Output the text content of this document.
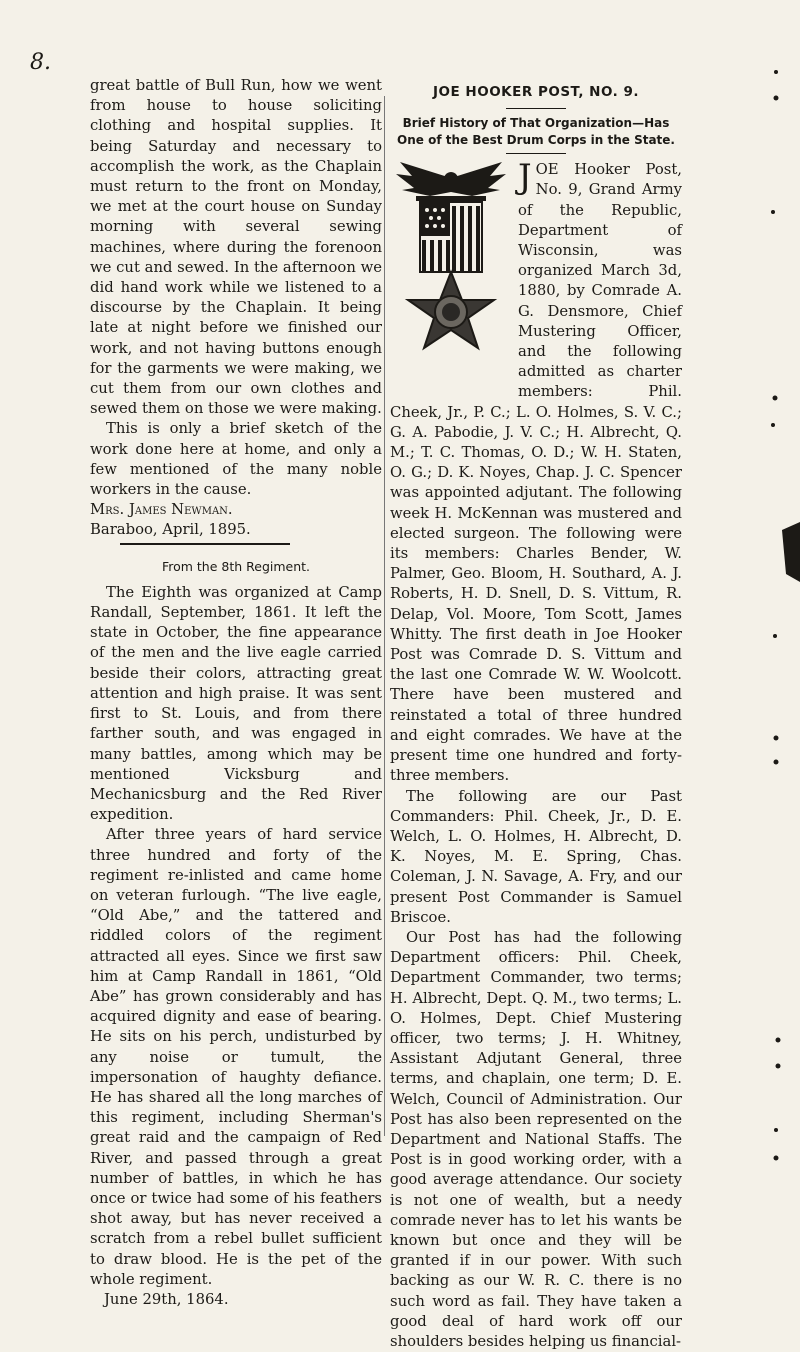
8.

great battle of Bull Run, how we went from house to house soliciting clothing and hospital supplies. It being Saturday and necessary to accomplish the work, as the Chaplain must return to the front on Monday, we met at the court house on Sunday morning with several sewing machines, where during the forenoon we cut and sewed. In the afternoon we did hand work while we listened to a discourse by the Chaplain. It being late at night before we finished our work, and not having buttons enough for the garments we were making, we cut them from our own clothes and sewed them on those we were making.

This is only a brief sketch of the work done here at home, and only a few mentioned of the many noble workers in the cause.

Mrs. James Newman.

Baraboo, April, 1895.

From the 8th Regiment.

The Eighth was organized at Camp Randall, September, 1861. It left the state in October, the fine appearance of the men and the live eagle carried beside their colors, attracting great attention and high praise. It was sent first to St. Louis, and from there farther south, and was engaged in many battles, among which may be mentioned Vicksburg and Mechanicsburg and the Red River expedition.

After three years of hard service three hundred and forty of the regiment re-inlisted and came home on veteran furlough. “The live eagle, “Old Abe,” and the tattered and riddled colors of the regiment attracted all eyes. Since we first saw him at Camp Randall in 1861, “Old Abe” has grown considerably and has acquired dignity and ease of bearing. He sits on his perch, undisturbed by any noise or tumult, the impersonation of haughty defiance. He has shared all the long marches of this regiment, including Sherman's great raid and the campaign of Red River, and passed through a great number of battles, in which he has once or twice had some of his feathers shot away, but has never received a scratch from a rebel bullet sufficient to draw blood. He is the pet of the whole regiment.

June 29th, 1864.

JOE HOOKER POST, NO. 9.
Brief History of That Organization—Has One of the Best Drum Corps in the State.

JOE Hooker Post, No. 9, Grand Army of the Republic, Department of Wisconsin, was organized March 3d, 1880, by Comrade A. G. Densmore, Chief Mustering Officer, and the following admitted as charter members: Phil. Cheek, Jr., P. C.; L. O. Holmes, S. V. C.; G. A. Pabodie, J. V. C.; H. Albrecht, Q. M.; T. C. Thomas, O. D.; W. H. Staten, O. G.; D. K. Noyes, Chap. J. C. Spencer was appointed adjutant. The following week H. McKennan was mustered and elected surgeon. The following were its members: Charles Bender, W. Palmer, Geo. Bloom, H. Southard, A. J. Roberts, H. D. Snell, D. S. Vittum, R. Delap, Vol. Moore, Tom Scott, James Whitty. The first death in Joe Hooker Post was Comrade D. S. Vittum and the last one Comrade W. W. Woolcott. There have been mustered and reinstated a total of three hundred and eight comrades. We have at the present time one hundred and forty-three members.

The following are our Past Commanders: Phil. Cheek, Jr., D. E. Welch, L. O. Holmes, H. Albrecht, D. K. Noyes, M. E. Spring, Chas. Coleman, J. N. Savage, A. Fry, and our present Post Commander is Samuel Briscoe.

Our Post has had the following Department officers: Phil. Cheek, Department Commander, two terms; H. Albrecht, Dept. Q. M., two terms; L. O. Holmes, Dept. Chief Mustering officer, two terms; J. H. Whitney, Assistant Adjutant General, three terms, and chaplain, one term; D. E. Welch, Council of Administration. Our Post has also been represented on the Department and National Staffs. The Post is in good working order, with a good average attendance. Our society is not one of wealth, but a needy comrade never has to let his wants be known but once and they will be granted if in our power. With such backing as our W. R. C. there is no such word as fail. They have taken a good deal of hard work off our shoulders besides helping us financial-
